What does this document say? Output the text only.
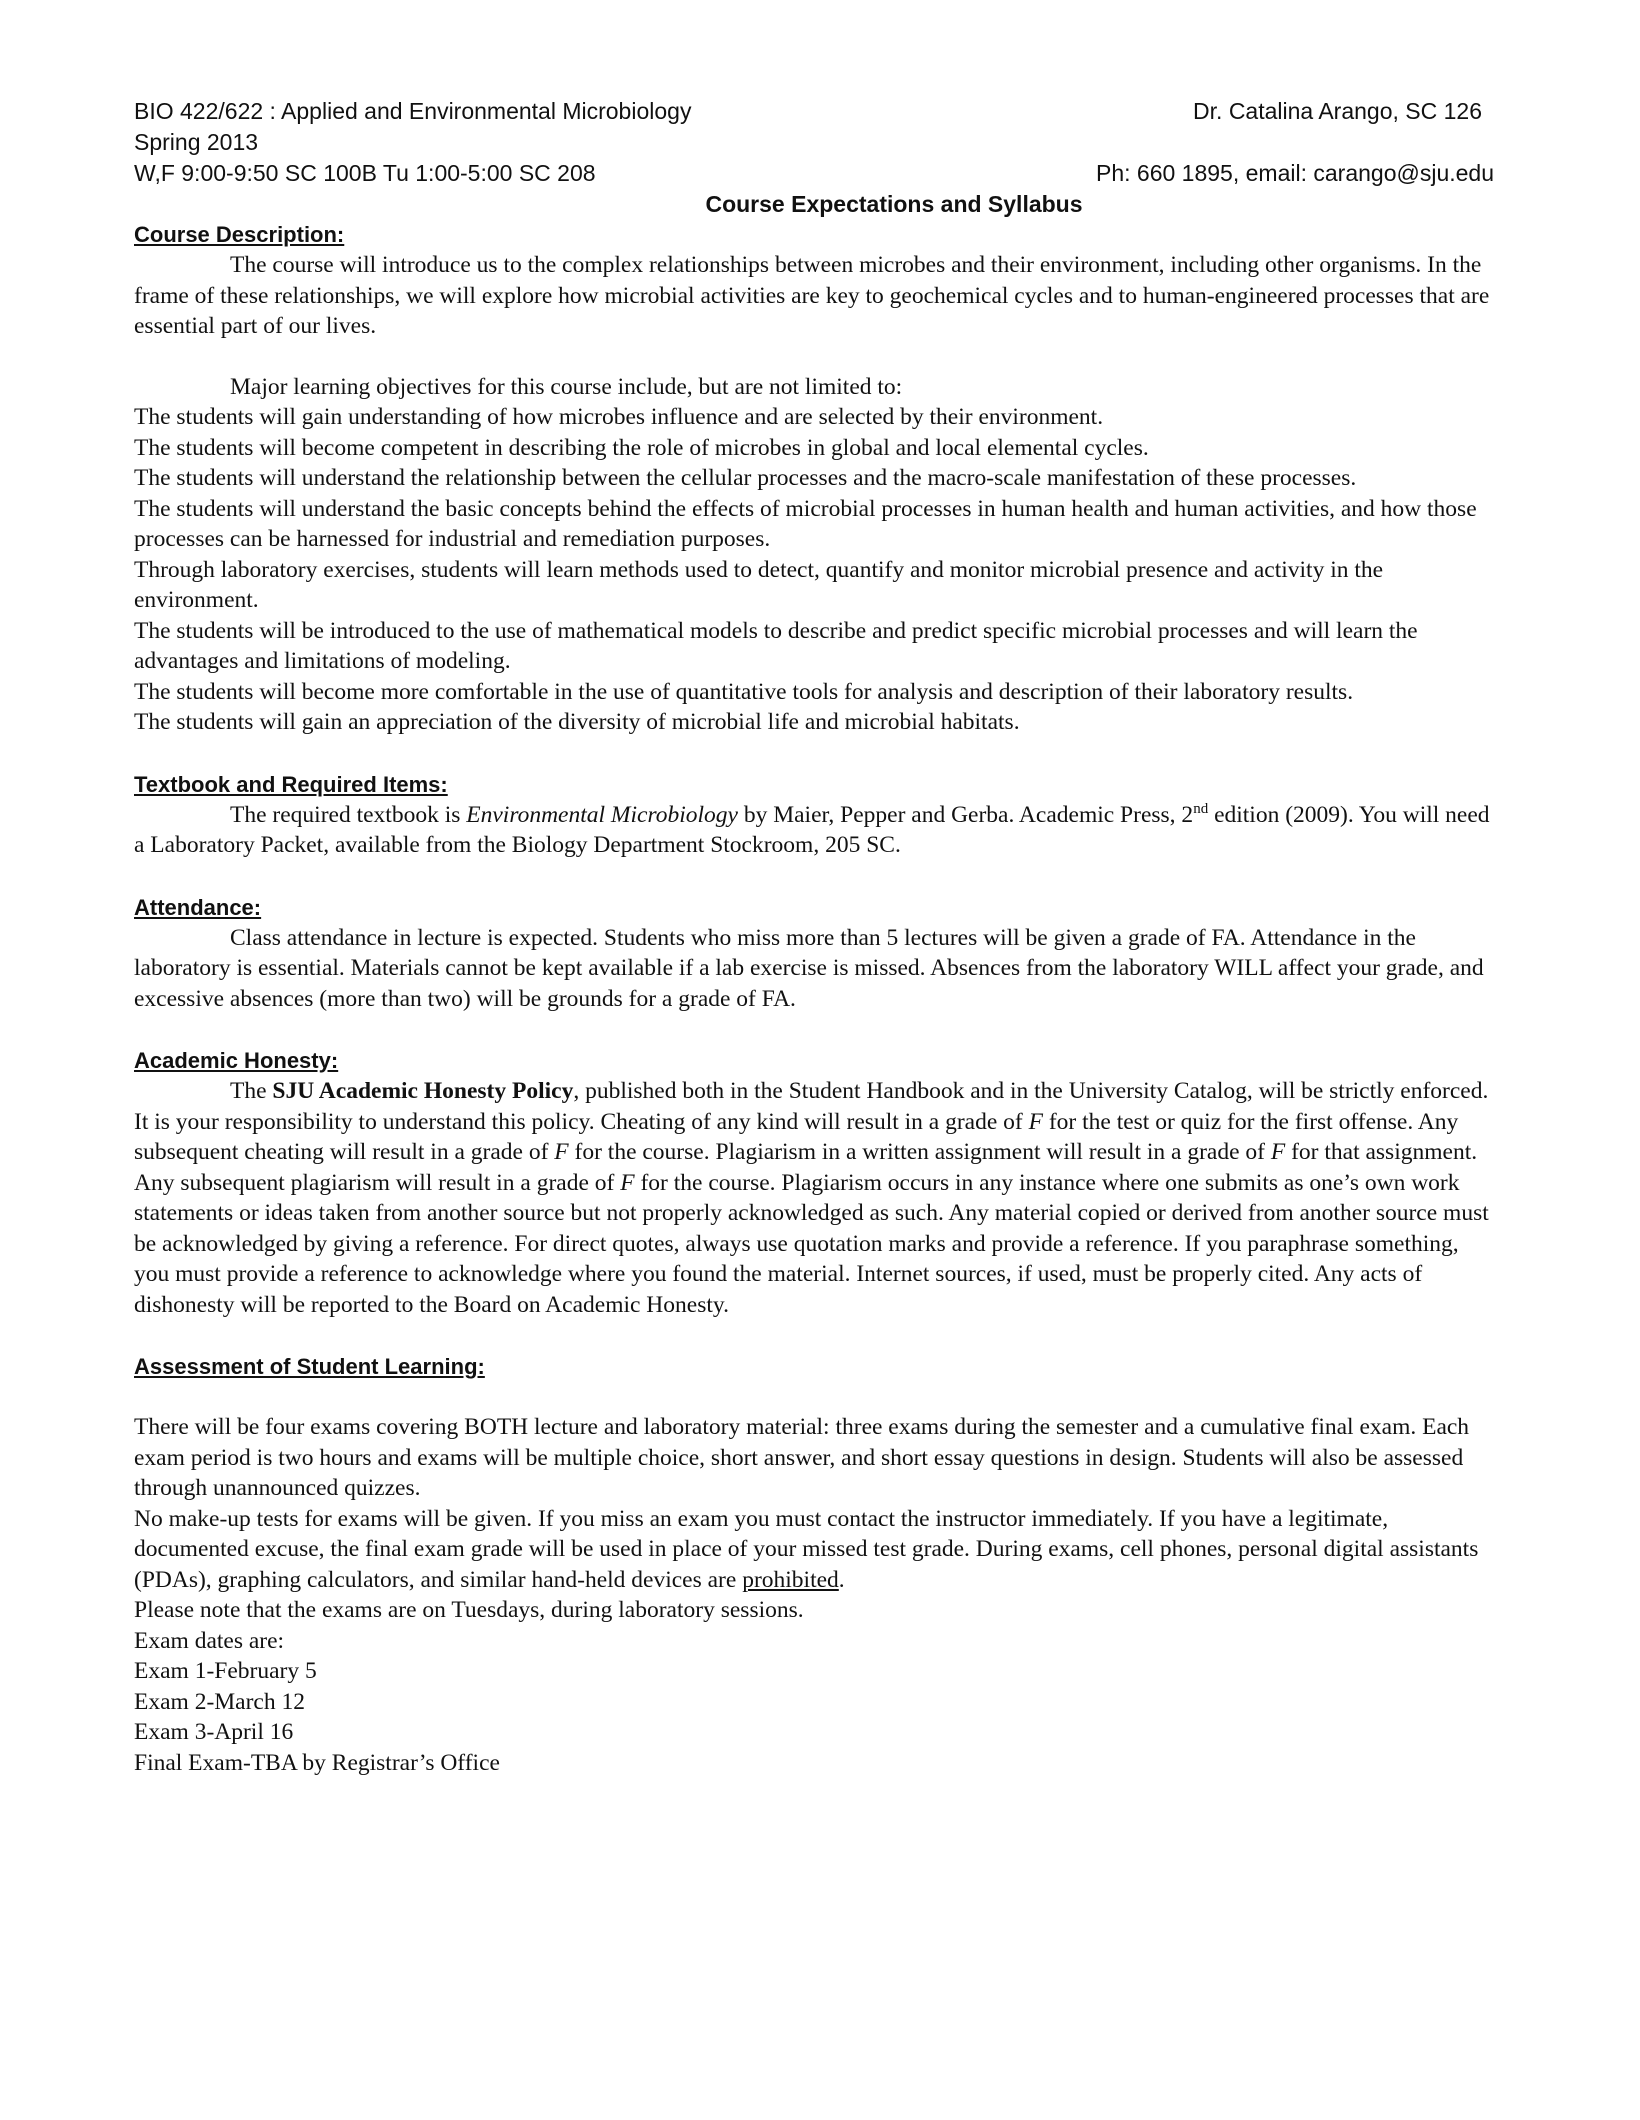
BIO 422/622 : Applied and Environmental Microbiology	Dr. Catalina Arango, SC 126
Spring 2013
W,F 9:00-9:50 SC 100B Tu 1:00-5:00 SC 208	Ph: 660 1895, email: carango@sju.edu
Course Expectations and Syllabus
Course Description:

The course will introduce us to the complex relationships between microbes and their environment, including other organisms. In the frame of these relationships, we will explore how microbial activities are key to geochemical cycles and to human-engineered processes that are essential part of our lives.

Major learning objectives for this course include, but are not limited to:

The students will gain understanding of how microbes influence and are selected by their environment.

The students will become competent in describing the role of microbes in global and local elemental cycles.

The students will understand the relationship between the cellular processes and the macro-scale manifestation of these processes.

The students will understand the basic concepts behind the effects of microbial processes in human health and human activities, and how those processes can be harnessed for industrial and remediation purposes.

Through laboratory exercises, students will learn methods used to detect, quantify and monitor microbial presence and activity in the environment.

The students will be introduced to the use of mathematical models to describe and predict specific microbial processes and will learn the advantages and limitations of modeling.

The students will become more comfortable in the use of quantitative tools for analysis and description of their laboratory results.

The students will gain an appreciation of the diversity of microbial life and microbial habitats.

Textbook and Required Items:

The required textbook is Environmental Microbiology by Maier, Pepper and Gerba. Academic Press, 2nd edition (2009). You will need a Laboratory Packet, available from the Biology Department Stockroom, 205 SC.

Attendance:

Class attendance in lecture is expected. Students who miss more than 5 lectures will be given a grade of FA. Attendance in the laboratory is essential. Materials cannot be kept available if a lab exercise is missed. Absences from the laboratory WILL affect your grade, and excessive absences (more than two) will be grounds for a grade of FA.

Academic Honesty:

The SJU Academic Honesty Policy, published both in the Student Handbook and in the University Catalog, will be strictly enforced. It is your responsibility to understand this policy. Cheating of any kind will result in a grade of F for the test or quiz for the first offense. Any subsequent cheating will result in a grade of F for the course. Plagiarism in a written assignment will result in a grade of F for that assignment. Any subsequent plagiarism will result in a grade of F for the course. Plagiarism occurs in any instance where one submits as one’s own work statements or ideas taken from another source but not properly acknowledged as such. Any material copied or derived from another source must be acknowledged by giving a reference. For direct quotes, always use quotation marks and provide a reference. If you paraphrase something, you must provide a reference to acknowledge where you found the material. Internet sources, if used, must be properly cited. Any acts of dishonesty will be reported to the Board on Academic Honesty.

Assessment of Student Learning:

There will be four exams covering BOTH lecture and laboratory material: three exams during the semester and a cumulative final exam. Each exam period is two hours and exams will be multiple choice, short answer, and short essay questions in design. Students will also be assessed through unannounced quizzes.

No make-up tests for exams will be given. If you miss an exam you must contact the instructor immediately. If you have a legitimate, documented excuse, the final exam grade will be used in place of your missed test grade. During exams, cell phones, personal digital assistants (PDAs), graphing calculators, and similar hand-held devices are prohibited.

Please note that the exams are on Tuesdays, during laboratory sessions.

Exam dates are:

Exam 1-February 5

Exam 2-March 12

Exam 3-April 16

Final Exam-TBA by Registrar’s Office
